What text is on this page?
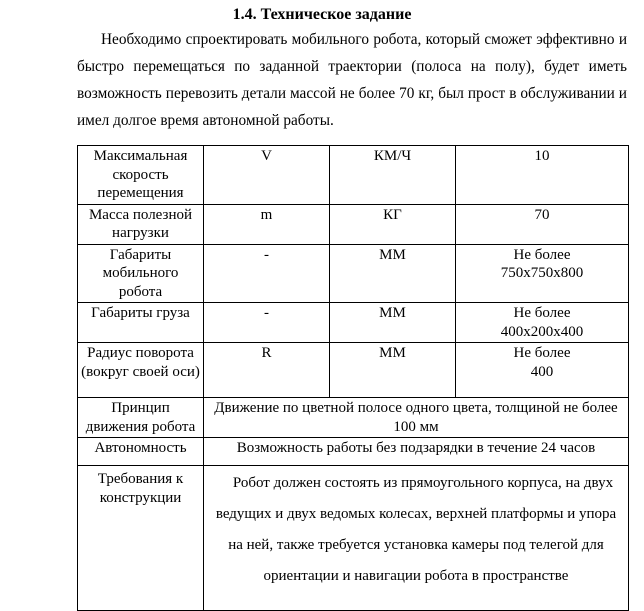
1.4. Техническое задание
Необходимо спроектировать мобильного робота, который сможет эффективно и быстро перемещаться по заданной траектории (полоса на полу), будет иметь возможность перевозить детали массой не более 70 кг, был прост в обслуживании и имел долгое время автономной работы.
Максимальная скорость перемещения	V	КМ/Ч	10
Масса полезной нагрузки	m	КГ	70
Габариты мобильного робота	-	ММ	Не более 750x750x800
Габариты груза	-	ММ	Не более 400x200x400
Радиус поворота (вокруг своей оси)	R	ММ	Не более 400
Принцип движения робота	Движение по цветной полосе одного цвета, толщиной не более 100 мм		
Автономность	Возможность работы без подзарядки в течение 24 часов		
Требования к конструкции	Робот должен состоять из прямоугольного корпуса, на двух ведущих и двух ведомых колесах, верхней платформы и упора на ней, также требуется установка камеры под телегой для ориентации и навигации робота в пространстве		
